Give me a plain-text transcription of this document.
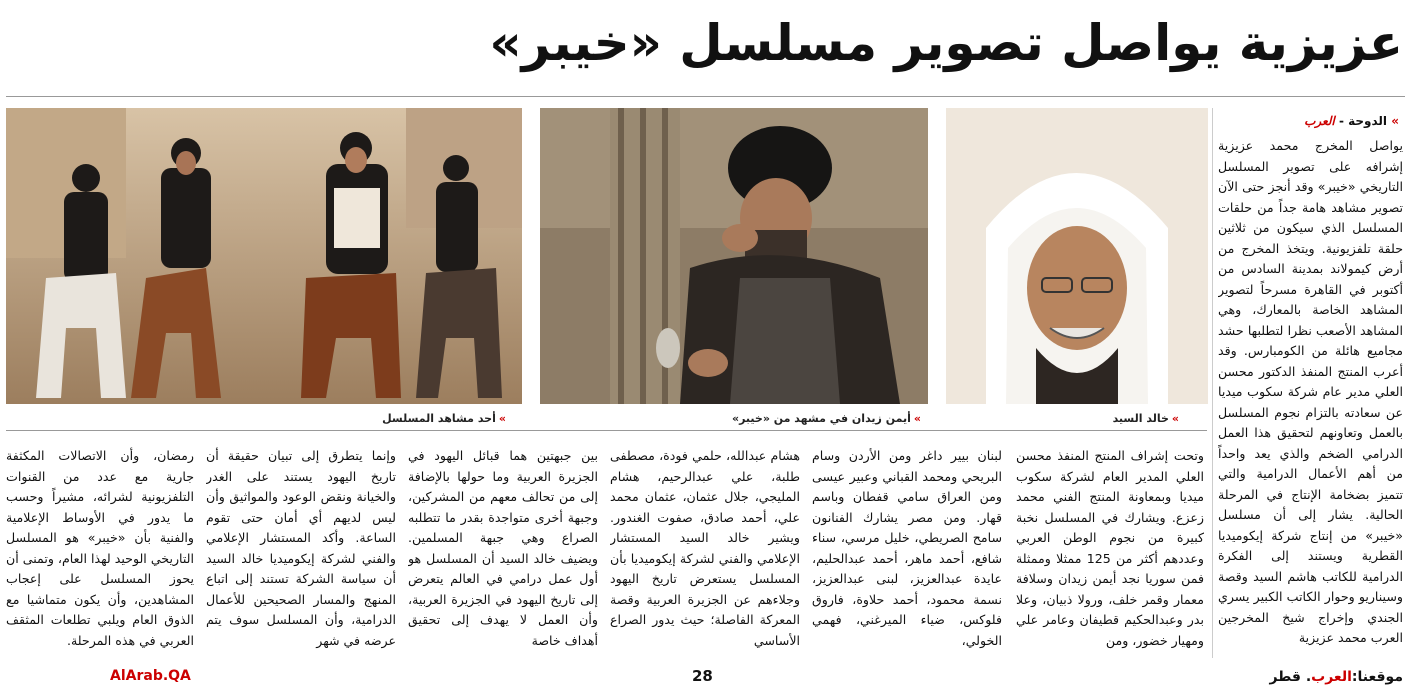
عزيزية يواصل تصوير مسلسل «خيبر»
»أحد مشاهد المسلسل	»أيمن زيدان في مشهد من «خيبر»	»خالد السيد
» الدوحة - العرب

يواصل المخرج محمد عزيزية إشرافه على تصوير المسلسل التاريخي «خيبر» وقد أنجز حتى الآن تصوير مشاهد هامة جداً من حلقات المسلسل الذي سيكون من ثلاثين حلقة تلفزيونية. ويتخذ المخرج من أرض كيمولاند بمدينة السادس من أكتوبر في القاهرة مسرحاً لتصوير المشاهد الخاصة بالمعارك، وهي المشاهد الأصعب نظرا لتطلبها حشد مجاميع هائلة من الكومبارس. وقد أعرب المنتج المنفذ الدكتور محسن العلي مدير عام شركة سكوب ميديا عن سعادته بالتزام نجوم المسلسل بالعمل وتعاونهم لتحقيق هذا العمل الدرامي الضخم والذي يعد واحداً من أهم الأعمال الدرامية والتي تتميز بضخامة الإنتاج في المرحلة الحالية. يشار إلى أن مسلسل «خيبر» من إنتاج شركة إيكوميديا القطرية ويستند إلى الفكرة الدرامية للكاتب هاشم السيد وقصة وسيناريو وحوار الكاتب الكبير يسري الجندي وإخراج شيخ المخرجين العرب محمد عزيزية

وتحت إشراف المنتج المنفذ محسن العلي المدير العام لشركة سكوب ميديا وبمعاونة المنتج الفني محمد زعزع. ويشارك في المسلسل نخبة كبيرة من نجوم الوطن العربي وعددهم أكثر من 125 ممثلا وممثلة فمن سوريا نجد أيمن زيدان وسلافة معمار وقمر خلف، ورولا ذبيان، وعلا بدر وعبدالحكيم قطيفان وعامر علي ومهيار خضور، ومن

لبنان بيير داغر ومن الأردن وسام البريحي ومحمد القباني وعبير عيسى ومن العراق سامي قفطان وباسم قهار. ومن مصر يشارك الفنانون سامح الصريطي، خليل مرسي، سناء شافع، أحمد ماهر، أحمد عبدالحليم، عايدة عبدالعزيز، لبنى عبدالعزيز، نسمة محمود، أحمد حلاوة، فاروق فلوكس، ضياء الميرغني، فهمي الخولي،

هشام عبدالله، حلمي فودة، مصطفى طلبة، علي عبدالرحيم، هشام المليجي، جلال عثمان، عثمان محمد علي، أحمد صادق، صفوت الغندور. ويشير خالد السيد المستشار الإعلامي والفني لشركة إيكوميديا بأن المسلسل يستعرض تاريخ اليهود وجلاءهم عن الجزيرة العربية وقصة المعركة الفاصلة؛ حيث يدور الصراع الأساسي

بين جبهتين هما قبائل اليهود في الجزيرة العربية وما حولها بالإضافة إلى من تحالف معهم من المشركين، وجبهة أخرى متواجدة بقدر ما تتطلبه الصراع وهي جبهة المسلمين. ويضيف خالد السيد أن المسلسل هو أول عمل درامي في العالم يتعرض إلى تاريخ اليهود في الجزيرة العربية، وأن العمل لا يهدف إلى تحقيق أهداف خاصة

وإنما يتطرق إلى تبيان حقيقة أن تاريخ اليهود يستند على الغدر والخيانة ونقض الوعود والمواثيق وأن ليس لديهم أي أمان حتى تقوم الساعة. وأكد المستشار الإعلامي والفني لشركة إيكوميديا خالد السيد أن سياسة الشركة تستند إلى اتباع المنهج والمسار الصحيحين للأعمال الدرامية، وأن المسلسل سوف يتم عرضه في شهر

رمضان، وأن الاتصالات المكثفة جارية مع عدد من القنوات التلفزيونية لشرائه، مشيراً وحسب ما يدور في الأوساط الإعلامية والفنية بأن «خيبر» هو المسلسل التاريخي الوحيد لهذا العام، وتمنى أن يحوز المسلسل على إعجاب المشاهدين، وأن يكون متماشيا مع الذوق العام ويلبي تطلعات المثقف العربي في هذه المرحلة.

AlArab.QA	28	موقعنا:العرب. قطر
